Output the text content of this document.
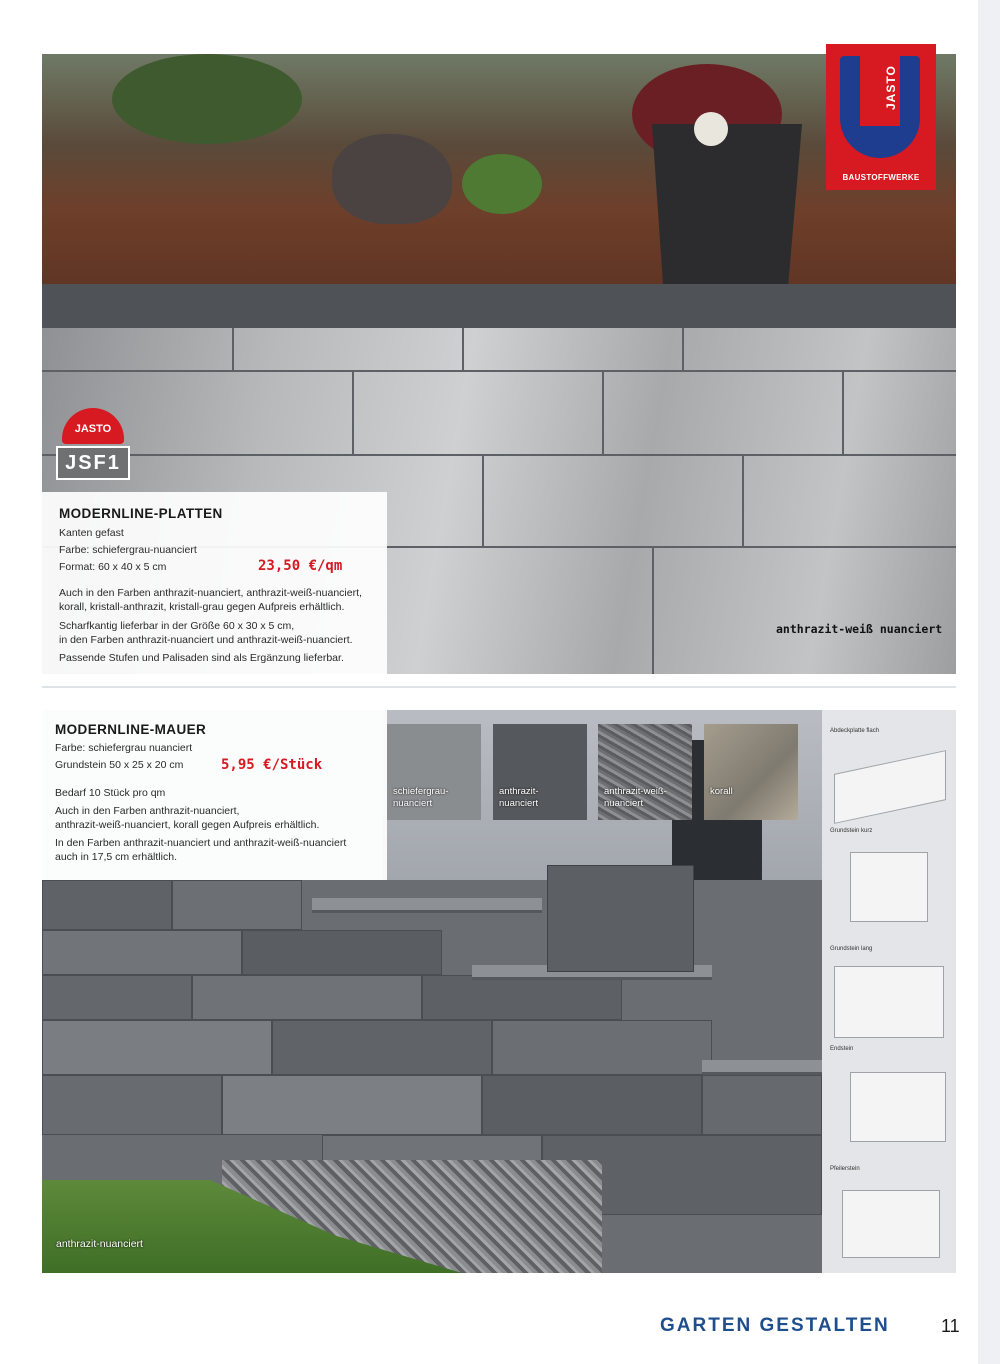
JASTO
BAUSTOFFWERKE
JASTO
JSF1
MODERNLINE-PLATTEN
Kanten gefast
Farbe: schiefergrau-nuanciert
Format: 60 x 40 x 5 cm	23,50 €/qm
Auch in den Farben anthrazit-nuanciert, anthrazit-weiß-nuanciert,
korall, kristall-anthrazit, kristall-grau gegen Aufpreis erhältlich.
Scharfkantig lieferbar in der Größe 60 x 30 x 5 cm,
in den Farben anthrazit-nuanciert und anthrazit-weiß-nuanciert.
Passende Stufen und Palisaden sind als Ergänzung lieferbar.
anthrazit-weiß nuanciert
MODERNLINE-MAUER
Farbe: schiefergrau nuanciert
Grundstein 50 x 25 x 20 cm	5,95 €/Stück
Bedarf 10 Stück pro qm
Auch in den Farben anthrazit-nuanciert,
anthrazit-weiß-nuanciert, korall gegen Aufpreis erhältlich.
In den Farben anthrazit-nuanciert und anthrazit-weiß-nuanciert
auch in 17,5 cm erhältlich.
schiefergrau-
nuanciert
anthrazit-
nuanciert
anthrazit-weiß-
nuanciert
korall

Abdeckplatte flach
Grundstein kurz
Grundstein lang
Endstein
Pfeilerstein
anthrazit-nuanciert
GARTEN GESTALTEN	11
